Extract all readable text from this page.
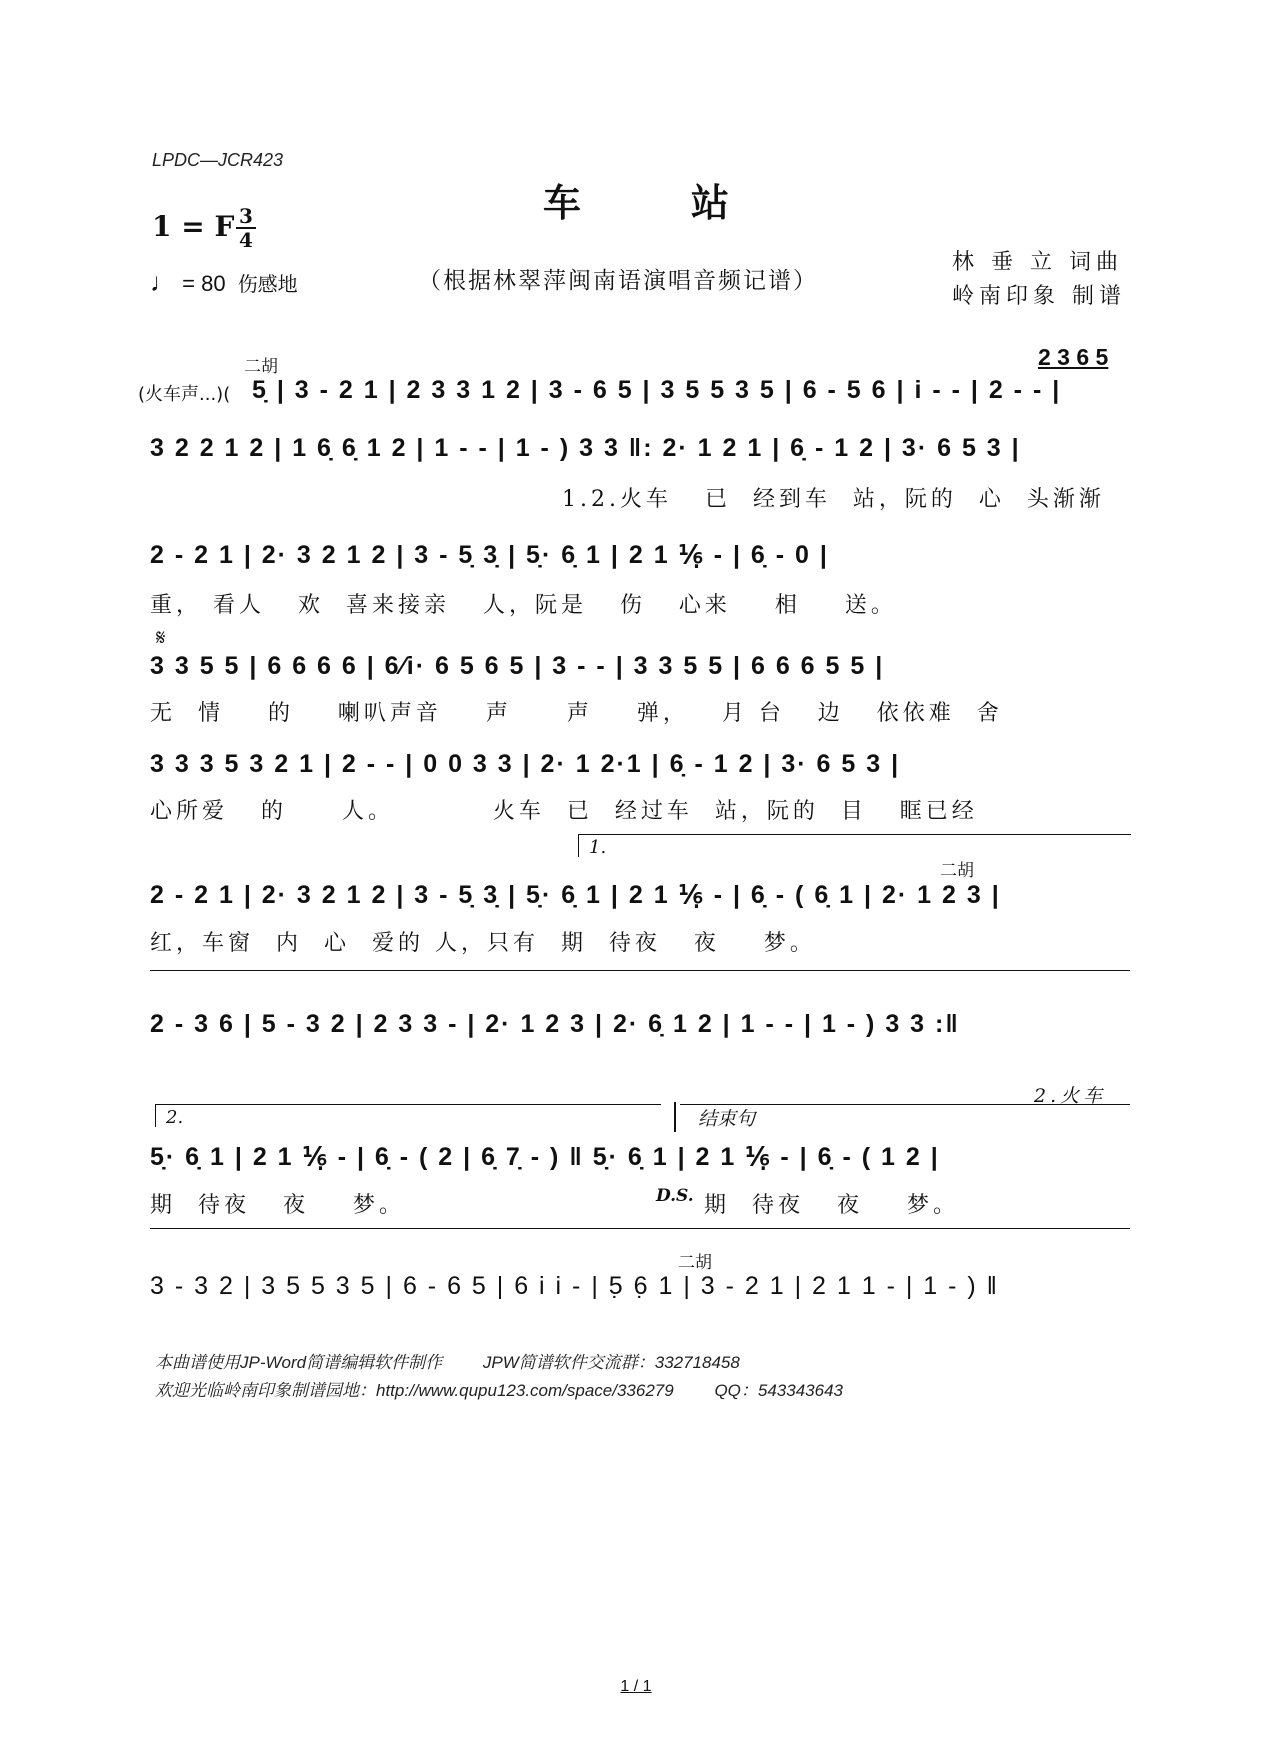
LPDC—JCR423
车站
1 = F 3
4
♩ = 80 伤感地	（根据林翠萍闽南语演唱音频记谱）
林 垂 立 词曲
岭南印象 制谱
二胡
(火车声...)(
2 3 6 5
5̣ | 3 - 2 1 | 2 3 3 1 2 | 3 - 6 5 | 3 5 5 3 5 | 6 - 5 6 | i - - | 2 - - |
3 2 2 1 2 | 1 6̣ 6̣ 1 2 | 1 - - | 1 - ) 3 3 ‖: 2· 1 2 1 | 6̣ - 1 2 | 3· 6 5 3 |
1.2.火车   已  经到车  站，阮的  心  头渐渐
2 - 2 1 | 2· 3 2 1 2 | 3 - 5̣ 3̣ | 5̣· 6̣ 1 | 2 1 ⅙̣ - | 6̣ - 0 |
重， 看人   欢  喜来接亲   人，阮是   伤   心来    相    送。
𝄋
3 3 5 5 | 6 6 6 6 | 6⁄i· 6 5 6 5 | 3 - - | 3 3 5 5 | 6 6 6 5 5 |
无  情    的    喇叭声音    声     声    弹，   月 台   边   依依难  舍
3 3 3 5 3 2 1 | 2 - - | 0 0 3 3 | 2· 1 2·1 | 6̣ - 1 2 | 3· 6 5 3 |
心所爱   的     人。         火车  已  经过车  站，阮的  目   眶已经
1.
二胡
2 - 2 1 | 2· 3 2 1 2 | 3 - 5̣ 3̣ | 5̣· 6̣ 1 | 2 1 ⅙̣ - | 6̣ - ( 6̣ 1 | 2· 1 2 3 |
红，车窗  内  心  爱的 人，只有  期  待夜   夜    梦。
2 - 3 6 | 5 - 3 2 | 2 3 3 - | 2· 1 2 3 | 2· 6̣ 1 2 | 1 - - | 1 - ) 3 3 :‖

2.火车

2.	结束句
5̣· 6̣ 1 | 2 1 ⅙̣ - | 6̣ - ( 2 | 6̣ 7̣ - ) ‖ 5̣· 6̣ 1 | 2 1 ⅙̣ - | 6̣ - ( 1 2 |
期  待夜   夜    梦。	D.S. 期  待夜   夜    梦。
二胡
3 - 3 2 | 3 5 5 3 5 | 6 - 6 5 | 6 i i - | 5̣ 6̣ 1 | 3 - 2 1 | 2 1 1 - | 1 - ) ‖
本曲谱使用JP-Word简谱编辑软件制作 JPW简谱软件交流群：332718458
欢迎光临岭南印象制谱园地：http://www.qupu123.com/space/336279 QQ：543343643
1 / 1
